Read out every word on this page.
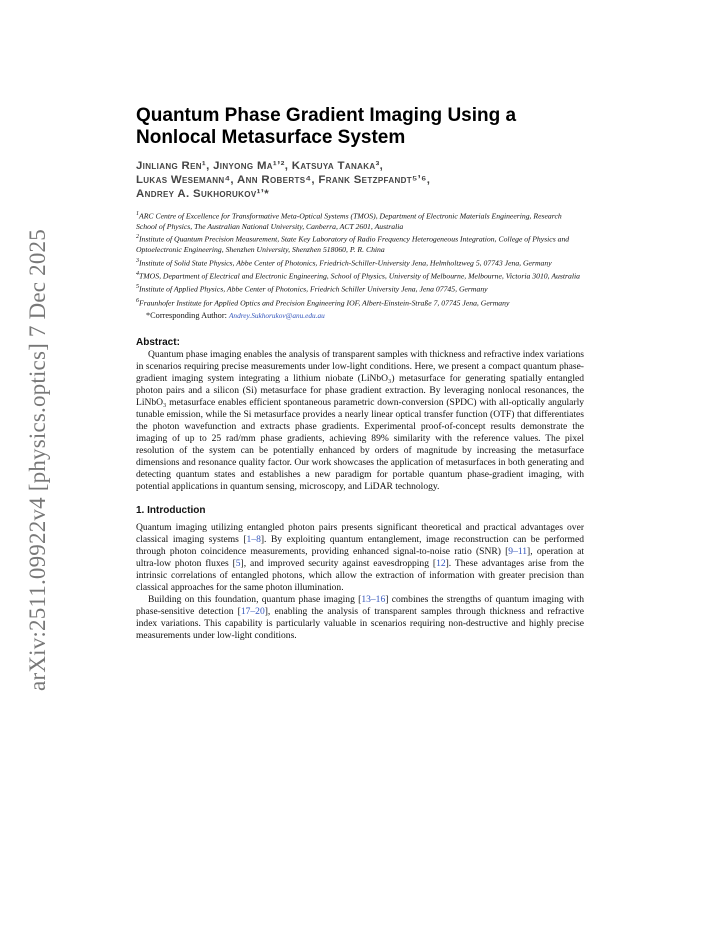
arXiv:2511.09922v4 [physics.optics] 7 Dec 2025
Quantum Phase Gradient Imaging Using a Nonlocal Metasurface System
Jinliang Ren¹, Jinyong Ma¹ʼ², Katsuya Tanaka³,
Lukas Wesemann⁴, Ann Roberts⁴, Frank Setzpfandt⁵ʼ⁶,
Andrey A. Sukhorukov¹ʼ*
$^1$ARC Centre of Excellence for Transformative Meta-Optical Systems (TMOS), Department of Electronic Materials Engineering, Research School of Physics, The Australian National University, Canberra, ACT 2601, Australia
$^2$Institute of Quantum Precision Measurement, State Key Laboratory of Radio Frequency Heterogeneous Integration, College of Physics and Optoelectronic Engineering, Shenzhen University, Shenzhen 518060, P. R. China
$^3$Institute of Solid State Physics, Abbe Center of Photonics, Friedrich-Schiller-University Jena, Helmholtzweg 5, 07743 Jena, Germany
$^4$TMOS, Department of Electrical and Electronic Engineering, School of Physics, University of Melbourne, Melbourne, Victoria 3010, Australia
$^5$Institute of Applied Physics, Abbe Center of Photonics, Friedrich Schiller University Jena, Jena 07745, Germany
$^6$Fraunhofer Institute for Applied Optics and Precision Engineering IOF, Albert-Einstein-Straße 7, 07745 Jena, Germany
*Corresponding Author: Andrey.Sukhorukov@anu.edu.au
Abstract:

Quantum phase imaging enables the analysis of transparent samples with thickness and refractive index variations in scenarios requiring precise measurements under low-light conditions. Here, we present a compact quantum phase-gradient imaging system integrating a lithium niobate (LiNbO₃) metasurface for generating spatially entangled photon pairs and a silicon (Si) metasurface for phase gradient extraction. By leveraging nonlocal resonances, the LiNbO₃ metasurface enables efficient spontaneous parametric down-conversion (SPDC) with all-optically angularly tunable emission, while the Si metasurface provides a nearly linear optical transfer function (OTF) that differentiates the photon wavefunction and extracts phase gradients. Experimental proof-of-concept results demonstrate the imaging of up to 25 rad/mm phase gradients, achieving 89% similarity with the reference values. The pixel resolution of the system can be potentially enhanced by orders of magnitude by increasing the metasurface dimensions and resonance quality factor. Our work showcases the application of metasurfaces in both generating and detecting quantum states and establishes a new paradigm for portable quantum phase-gradient imaging, with potential applications in quantum sensing, microscopy, and LiDAR technology.

1. Introduction

Quantum imaging utilizing entangled photon pairs presents significant theoretical and practical advantages over classical imaging systems [1–8]. By exploiting quantum entanglement, image reconstruction can be performed through photon coincidence measurements, providing enhanced signal-to-noise ratio (SNR) [9–11], operation at ultra-low photon fluxes [5], and improved security against eavesdropping [12]. These advantages arise from the intrinsic correlations of entangled photons, which allow the extraction of information with greater precision than classical approaches for the same photon illumination.

Building on this foundation, quantum phase imaging [13–16] combines the strengths of quantum imaging with phase-sensitive detection [17–20], enabling the analysis of transparent samples through thickness and refractive index variations. This capability is particularly valuable in scenarios requiring non-destructive and highly precise measurements under low-light conditions.
